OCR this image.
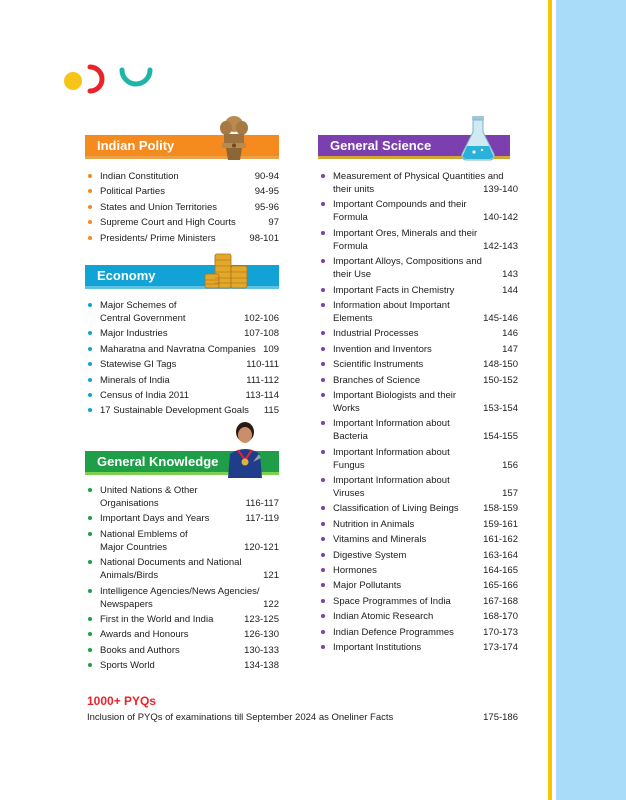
Indian Polity
Indian Constitution	90-94
Political Parties	94-95
States and Union Territories	95-96
Supreme Court and High Courts	97
Presidents/ Prime Ministers	98-101
Economy
Major Schemes of Central Government	102-106
Major Industries	107-108
Maharatna and Navratna Companies 109
Statewise GI Tags	110-111
Minerals of India	111-112
Census of India 2011	113-114
17 Sustainable Development Goals 115
General Knowledge
United Nations & Other Organisations	116-117
Important Days and Years	117-119
National Emblems of Major Countries	120-121
National Documents and National Animals/Birds	121
Intelligence Agencies/News Agencies/ Newspapers	122
First in the World and India	123-125
Awards and Honours	126-130
Books and Authors	130-133
Sports World	134-138
General Science
Measurement of Physical Quantities and their units	139-140
Important Compounds and their Formula	140-142
Important Ores, Minerals and their Formula	142-143
Important Alloys, Compositions and their Use	143
Important Facts in Chemistry	144
Information about Important Elements	145-146
Industrial Processes	146
Invention and Inventors	147
Scientific Instruments	148-150
Branches of Science	150-152
Important Biologists and their Works	153-154
Important Information about Bacteria	154-155
Important Information about Fungus	156
Important Information about Viruses	157
Classification of Living Beings	158-159
Nutrition in Animals	159-161
Vitamins and Minerals	161-162
Digestive System	163-164
Hormones	164-165
Major Pollutants	165-166
Space Programmes of India	167-168
Indian Atomic Research	168-170
Indian Defence Programmes	170-173
Important Institutions	173-174
1000+ PYQs
Inclusion of PYQs of examinations till September 2024 as Oneliner Facts	175-186
